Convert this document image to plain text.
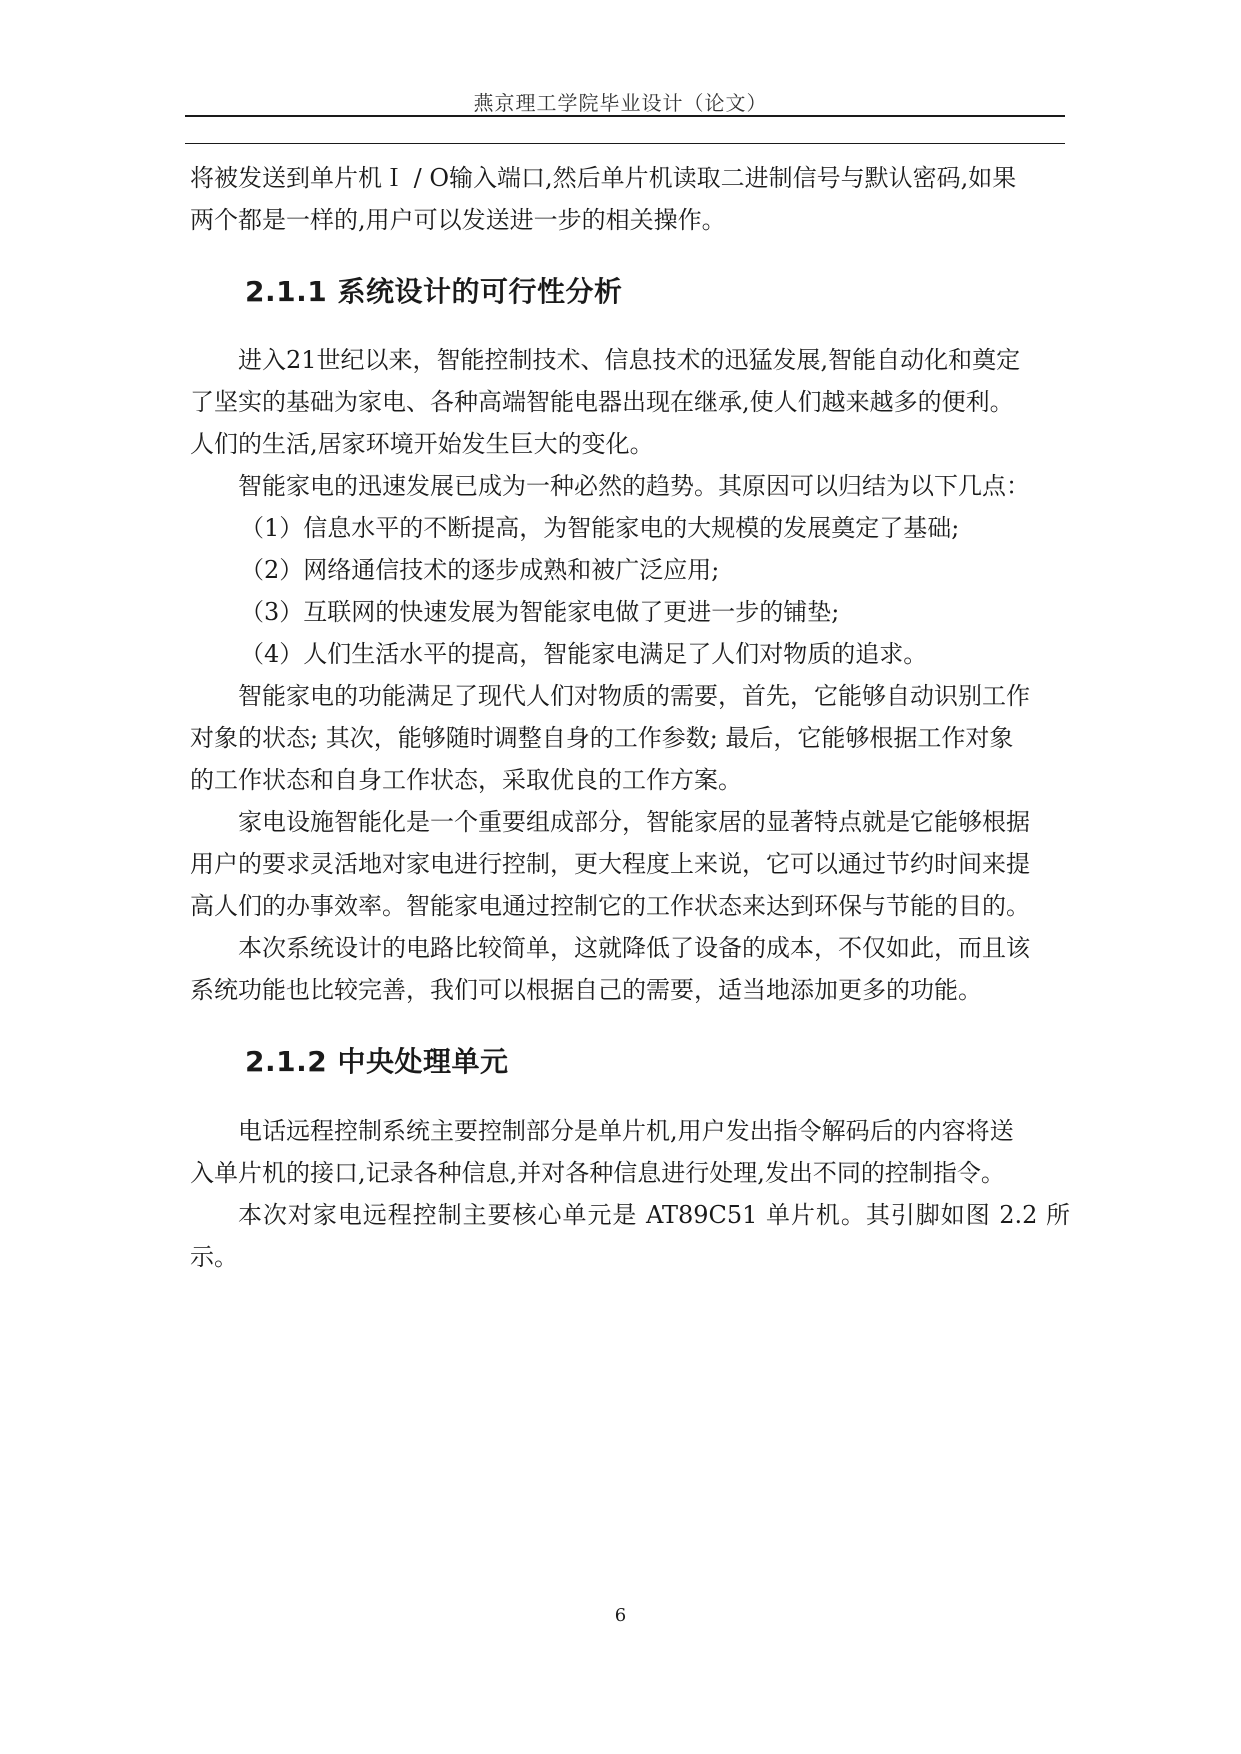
燕京理工学院毕业设计（论文）
将被发送到单片机Ｉ / O输入端口,然后单片机读取二进制信号与默认密码,如果
两个都是一样的,用户可以发送进一步的相关操作。
2.1.1 系统设计的可行性分析
进入21世纪以来，智能控制技术、信息技术的迅猛发展,智能自动化和奠定
了坚实的基础为家电、各种高端智能电器出现在继承,使人们越来越多的便利。
人们的生活,居家环境开始发生巨大的变化。
智能家电的迅速发展已成为一种必然的趋势。其原因可以归结为以下几点：
（1）信息水平的不断提高，为智能家电的大规模的发展奠定了基础;
（2）网络通信技术的逐步成熟和被广泛应用;
（3）互联网的快速发展为智能家电做了更进一步的铺垫;
（4）人们生活水平的提高，智能家电满足了人们对物质的追求。
智能家电的功能满足了现代人们对物质的需要，首先，它能够自动识别工作
对象的状态; 其次，能够随时调整自身的工作参数; 最后，它能够根据工作对象
的工作状态和自身工作状态，采取优良的工作方案。
家电设施智能化是一个重要组成部分，智能家居的显著特点就是它能够根据
用户的要求灵活地对家电进行控制，更大程度上来说，它可以通过节约时间来提
高人们的办事效率。智能家电通过控制它的工作状态来达到环保与节能的目的。
本次系统设计的电路比较简单，这就降低了设备的成本，不仅如此，而且该
系统功能也比较完善，我们可以根据自己的需要，适当地添加更多的功能。
2.1.2 中央处理单元
电话远程控制系统主要控制部分是单片机,用户发出指令解码后的内容将送
入单片机的接口,记录各种信息,并对各种信息进行处理,发出不同的控制指令。
本次对家电远程控制主要核心单元是 AT89C51 单片机。其引脚如图 2.2 所示。
6
